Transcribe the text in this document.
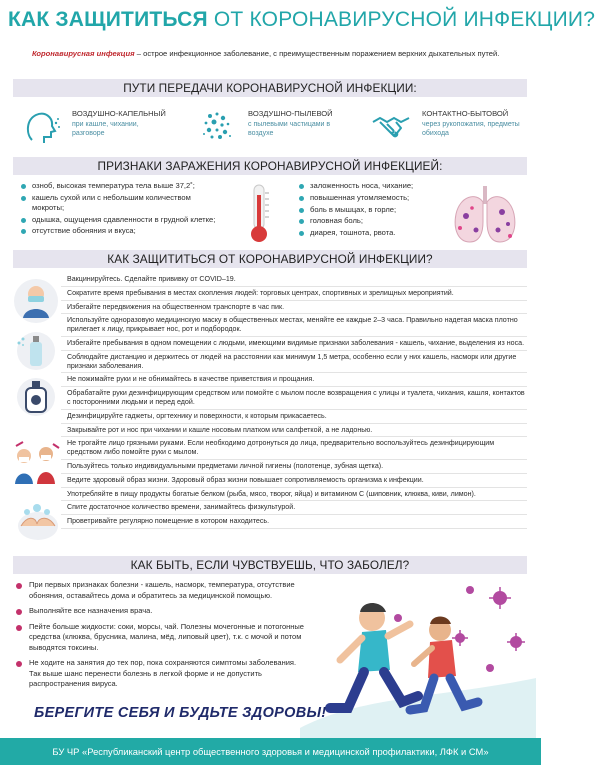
КАК ЗАЩИТИТЬСЯ ОТ КОРОНАВИРУСНОЙ ИНФЕКЦИИ?
Коронавирусная инфекция – острое инфекционное заболевание, с преимущественным поражением верхних дыхательных путей.
ПУТИ ПЕРЕДАЧИ КОРОНАВИРУСНОЙ ИНФЕКЦИИ:
ВОЗДУШНО-КАПЕЛЬНЫЙ
при кашле, чихании, разговоре
ВОЗДУШНО-ПЫЛЕВОЙ
с пылевыми частицами в воздухе
КОНТАКТНО-БЫТОВОЙ
через рукопожатия, предметы обихода
ПРИЗНАКИ ЗАРАЖЕНИЯ КОРОНАВИРУСНОЙ ИНФЕКЦИЕЙ:
озноб, высокая температура тела выше 37,2˚;
кашель сухой или с небольшим количеством мокроты;
одышка, ощущения сдавленности в грудной клетке;
отсутствие обоняния и вкуса;
заложенность носа, чихание;
повышенная утомляемость;
боль в мышцах, в горле;
головная боль;
диарея, тошнота, рвота.
КАК ЗАЩИТИТЬСЯ ОТ КОРОНАВИРУСНОЙ ИНФЕКЦИИ?
Вакцинируйтесь. Сделайте прививку от COVID–19.
Сократите время пребывания в местах скопления людей: торговых центрах, спортивных и зрелищных мероприятий.
Избегайте передвижения на общественном транспорте в час пик.
Используйте одноразовую медицинскую маску в общественных местах, меняйте ее каждые 2–3 часа. Правильно надетая маска плотно прилегает к лицу, прикрывает нос, рот и подбородок.
Избегайте пребывания в одном помещении с людьми, имеющими видимые признаки заболевания - кашель, чихание, выделения из носа.
Соблюдайте дистанцию и держитесь от людей на расстоянии как минимум 1,5 метра, особенно если у них кашель, насморк или другие признаки заболевания.
Не пожимайте руки и не обнимайтесь в качестве приветствия и прощания.
Обрабатайте руки дезинфицирующим средством или помойте с мылом после возвращения с улицы и туалета, чихания, кашля, контактов с посторонними людьми и перед едой.
Дезинфицируйте гаджеты, оргтехнику и поверхности, к которым прикасаетесь.
Закрывайте рот и нос при чихании и кашле носовым платком или салфеткой, а не ладонью.
Не трогайте лицо грязными руками. Если необходимо дотронуться до лица, предварительно воспользуйтесь дезинфицирующим средством либо помойте руки с мылом.
Пользуйтесь только индивидуальными предметами личной гигиены (полотенце, зубная щетка).
Ведите здоровый образ жизни. Здоровый образ жизни повышает сопротивляемость организма к инфекции.
Употребляйте в пищу продукты богатые белком (рыба, мясо, творог, яйца) и витамином С (шиповник, клюква, киви, лимон).
Спите достаточное количество времени, занимайтесь физкультурой.
Проветривайте регулярно помещение в котором находитесь.
КАК БЫТЬ, ЕСЛИ ЧУВСТВУЕШЬ, ЧТО ЗАБОЛЕЛ?
При первых признаках болезни - кашель, насморк, температура, отсутствие обоняния, оставайтесь дома и обратитесь за медицинской помощью.
Выполняйте все назначения врача.
Пейте больше жидкости: соки, морсы, чай. Полезны мочегонные и потогонные средства (клюква, брусника, малина, мёд, липовый цвет), т.к. с мочой и потом выводятся токсины.
Не ходите на занятия до тех пор, пока сохраняются симптомы заболевания. Так выше шанс перенести болезнь в легкой форме и не допустить распространения вируса.
БЕРЕГИТЕ СЕБЯ И БУДЬТЕ ЗДОРОВЫ!
БУ ЧР «Республиканский центр общественного здоровья и медицинской профилактики, ЛФК и СМ»
